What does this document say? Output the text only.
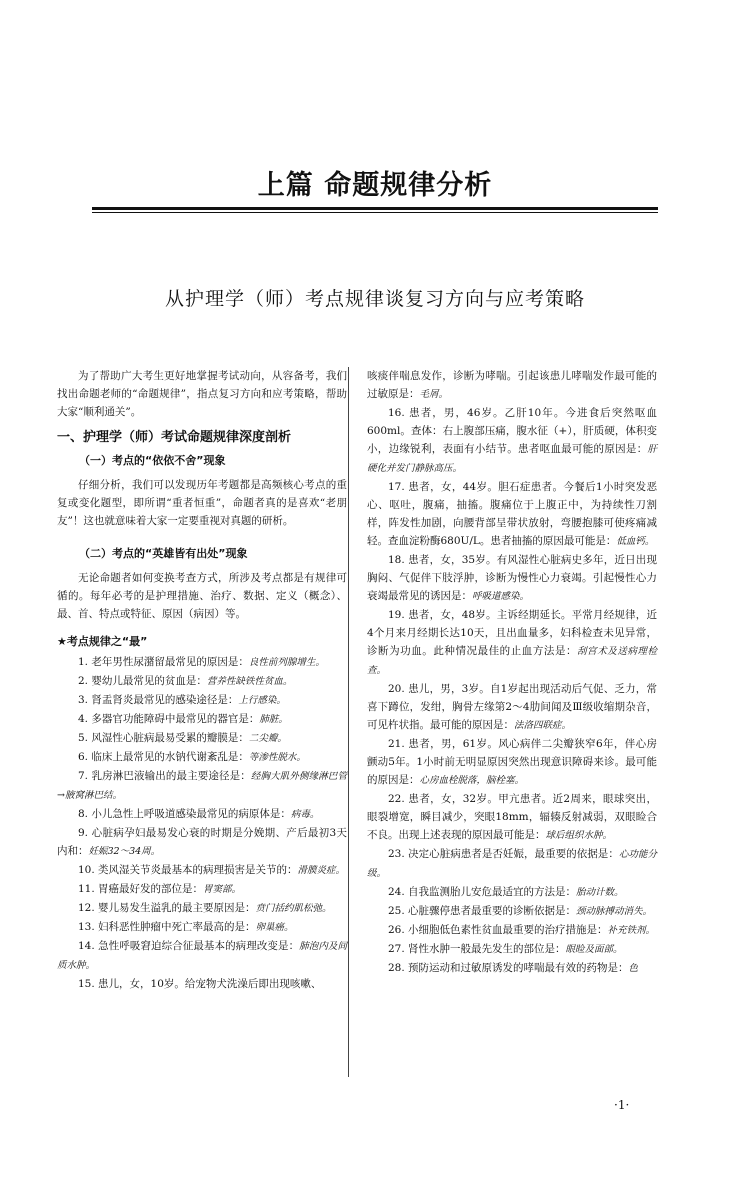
上篇 命题规律分析
从护理学（师）考点规律谈复习方向与应考策略

为了帮助广大考生更好地掌握考试动向，从容备考，我们找出命题老师的“命题规律”，指点复习方向和应考策略，帮助大家“顺利通关”。

一、护理学（师）考试命题规律深度剖析
（一）考点的“依依不舍”现象

仔细分析，我们可以发现历年考题都是高频核心考点的重复或变化题型，即所谓“重者恒重”，命题者真的是喜欢“老朋友”！这也就意味着大家一定要重视对真题的研析。

（二）考点的“英雄皆有出处”现象

无论命题者如何变换考查方式，所涉及考点都是有规律可循的。每年必考的是护理措施、治疗、数据、定义（概念）、最、首、特点或特征、原因（病因）等。

★考点规律之“最”

1. 老年男性尿潴留最常见的原因是：良性前列腺增生。

2. 婴幼儿最常见的贫血是：营养性缺铁性贫血。

3. 肾盂肾炎最常见的感染途径是：上行感染。

4. 多器官功能障碍中最常见的器官是：肺脏。

5. 风湿性心脏病最易受累的瓣膜是：二尖瓣。

6. 临床上最常见的水钠代谢紊乱是：等渗性脱水。

7. 乳房淋巴液输出的最主要途径是：经胸大肌外侧缘淋巴管→腋窝淋巴结。

8. 小儿急性上呼吸道感染最常见的病原体是：病毒。

9. 心脏病孕妇最易发心衰的时期是分娩期、产后最初3天内和：妊娠32～34周。

10. 类风湿关节炎最基本的病理损害是关节的：滑膜炎症。

11. 胃癌最好发的部位是：胃窦部。

12. 婴儿易发生溢乳的最主要原因是：贲门括约肌松弛。

13. 妇科恶性肿瘤中死亡率最高的是：卵巢癌。

14. 急性呼吸窘迫综合征最基本的病理改变是：肺泡内及间质水肿。

15. 患儿，女，10岁。给宠物犬洗澡后即出现咳嗽、

咳痰伴喘息发作，诊断为哮喘。引起该患儿哮喘发作最可能的过敏原是：毛屑。

16. 患者，男，46岁。乙肝10年。今进食后突然呕血600ml。查体：右上腹部压痛，腹水征（+），肝质硬，体积变小，边缘锐利，表面有小结节。患者呕血最可能的原因是：肝硬化并发门静脉高压。

17. 患者，女，44岁。胆石症患者。今餐后1小时突发恶心、呕吐，腹痛，抽搐。腹痛位于上腹正中，为持续性刀割样，阵发性加剧，向腰背部呈带状放射，弯腰抱膝可使疼痛减轻。查血淀粉酶680U/L。患者抽搐的原因最可能是：低血钙。

18. 患者，女，35岁。有风湿性心脏病史多年，近日出现胸闷、气促伴下肢浮肿，诊断为慢性心力衰竭。引起慢性心力衰竭最常见的诱因是：呼吸道感染。

19. 患者，女，48岁。主诉经期延长。平常月经规律，近4个月来月经期长达10天，且出血量多，妇科检查未见异常，诊断为功血。此种情况最佳的止血方法是：刮宫术及送病理检查。

20. 患儿，男，3岁。自1岁起出现活动后气促、乏力，常喜下蹲位，发绀，胸骨左缘第2～4肋间闻及Ⅲ级收缩期杂音，可见杵状指。最可能的原因是：法洛四联症。

21. 患者，男，61岁。风心病伴二尖瓣狭窄6年，伴心房颤动5年。1小时前无明显原因突然出现意识障碍来诊。最可能的原因是：心房血栓脱落，脑栓塞。

22. 患者，女，32岁。甲亢患者。近2周来，眼球突出，眼裂增宽，瞬目减少，突眼18mm，辐辏反射减弱，双眼睑合不良。出现上述表现的原因最可能是：球后组织水肿。

23. 决定心脏病患者是否妊娠，最重要的依据是：心功能分级。

24. 自我监测胎儿安危最适宜的方法是：胎动计数。

25. 心脏骤停患者最重要的诊断依据是：颈动脉搏动消失。

26. 小细胞低色素性贫血最重要的治疗措施是：补充铁剂。

27. 肾性水肿一般最先发生的部位是：眼睑及面部。

28. 预防运动和过敏原诱发的哮喘最有效的药物是：色

·1·
